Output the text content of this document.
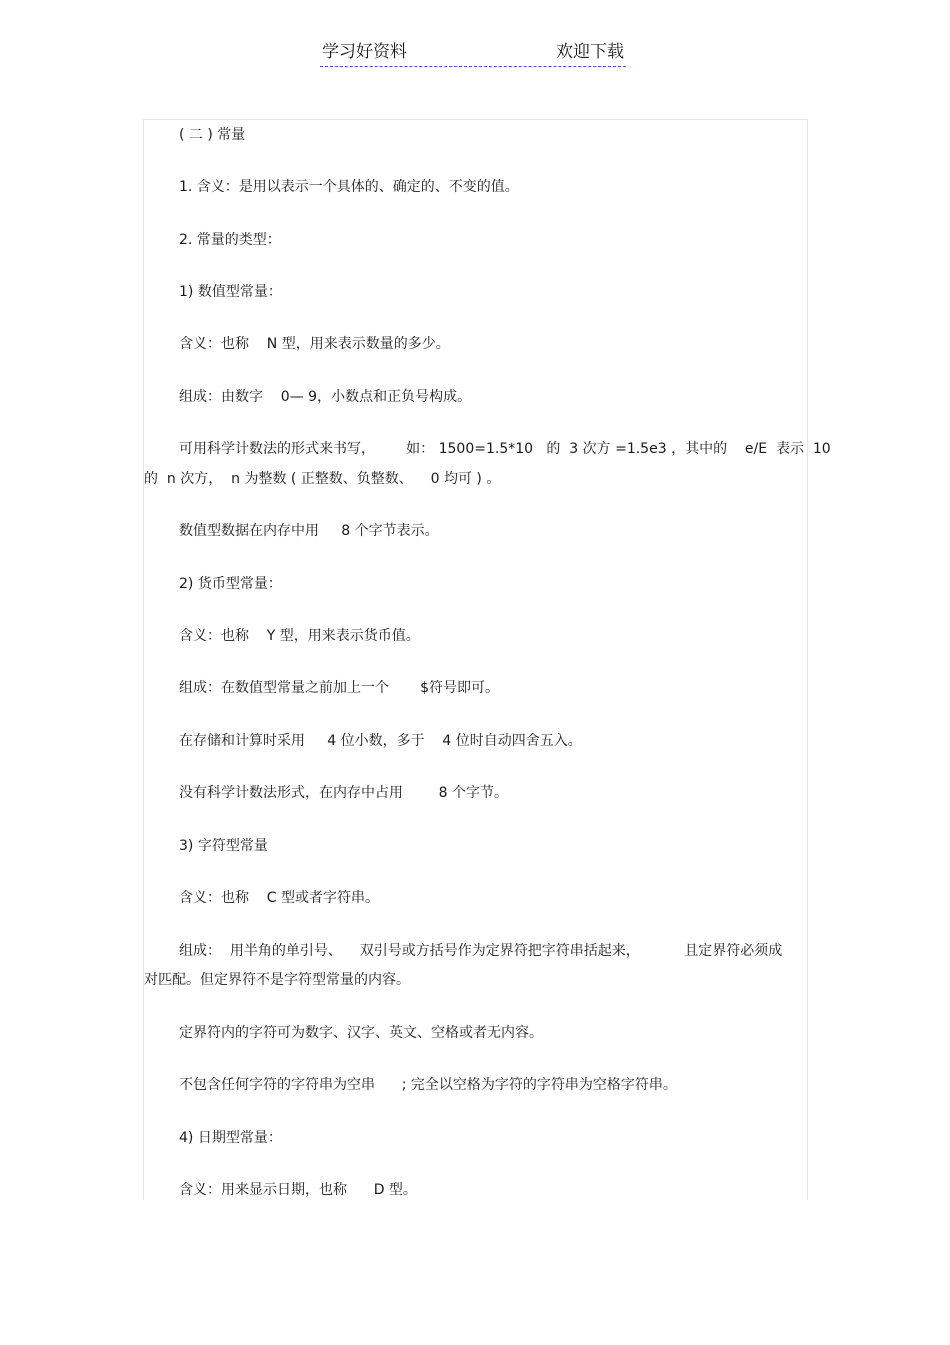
学习好资料	欢迎下载
( 二 ) 常量
1. 含义：是用以表示一个具体的、确定的、不变的值。
2. 常量的类型：
1) 数值型常量：
含义：也称    N 型，用来表示数量的多少。
组成：由数字    0— 9，小数点和正负号构成。
可用科学计数法的形式来书写，       如： 1500=1.5*10   的  3 次方 =1.5e3 ，其中的    e/E  表示  10
的  n 次方，  n 为整数 ( 正整数、负整数、    0 均可 ) 。
数值型数据在内存中用     8 个字节表示。
2) 货币型常量：
含义：也称    Y 型，用来表示货币值。
组成：在数值型常量之前加上一个       $符号即可。
在存储和计算时采用     4 位小数，多于    4 位时自动四舍五入。
没有科学计数法形式，在内存中占用        8 个字节。
3) 字符型常量
含义：也称    C 型或者字符串。
组成：  用半角的单引号、    双引号或方括号作为定界符把字符串括起来，          且定界符必须成
对匹配。但定界符不是字符型常量的内容。
定界符内的字符可为数字、汉字、英文、空格或者无内容。
不包含任何字符的字符串为空串      ; 完全以空格为字符的字符串为空格字符串。
4) 日期型常量：
含义：用来显示日期，也称      D 型。
